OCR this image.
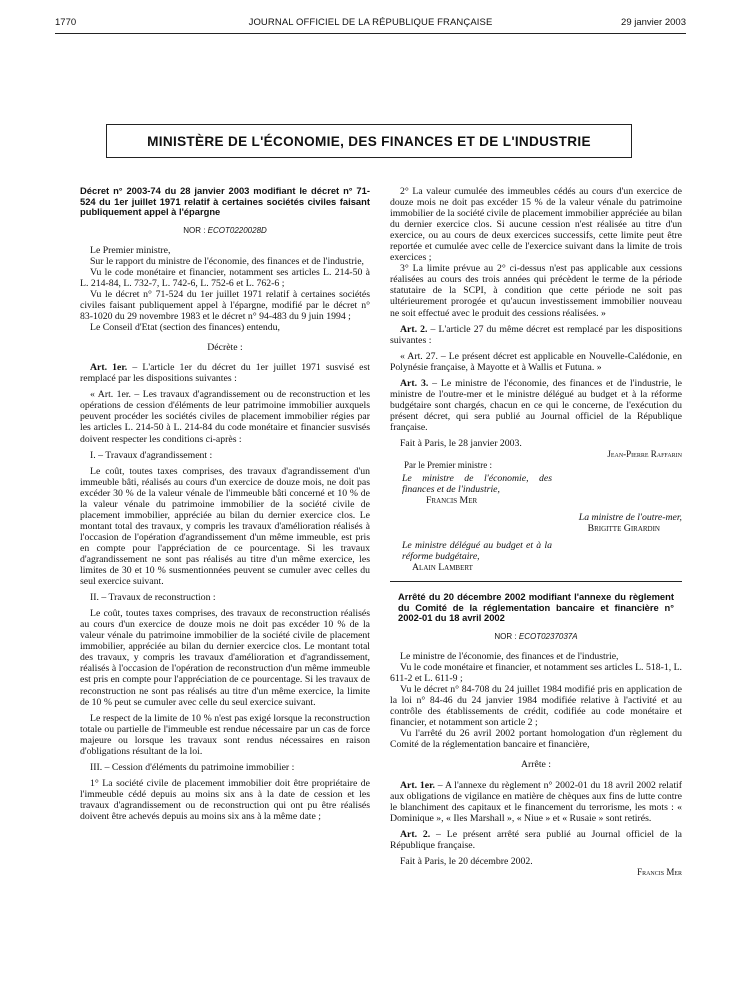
1770	JOURNAL OFFICIEL DE LA RÉPUBLIQUE FRANÇAISE	29 janvier 2003
MINISTÈRE DE L'ÉCONOMIE, DES FINANCES ET DE L'INDUSTRIE

Décret n° 2003-74 du 28 janvier 2003 modifiant le décret n° 71-524 du 1er juillet 1971 relatif à certaines sociétés civiles faisant publiquement appel à l'épargne

NOR : ECOT0220028D

Le Premier ministre,

Sur le rapport du ministre de l'économie, des finances et de l'industrie,

Vu le code monétaire et financier, notamment ses articles L. 214-50 à L. 214-84, L. 732-7, L. 742-6, L. 752-6 et L. 762-6 ;

Vu le décret n° 71-524 du 1er juillet 1971 relatif à certaines sociétés civiles faisant publiquement appel à l'épargne, modifié par le décret n° 83-1020 du 29 novembre 1983 et le décret n° 94-483 du 9 juin 1994 ;

Le Conseil d'Etat (section des finances) entendu,

Décrète :

Art. 1er. – L'article 1er du décret du 1er juillet 1971 susvisé est remplacé par les dispositions suivantes :

« Art. 1er. – Les travaux d'agrandissement ou de reconstruction et les opérations de cession d'éléments de leur patrimoine immobilier auxquels peuvent procéder les sociétés civiles de placement immobilier régies par les articles L. 214-50 à L. 214-84 du code monétaire et financier susvisés doivent respecter les conditions ci-après :

I. – Travaux d'agrandissement :

Le coût, toutes taxes comprises, des travaux d'agrandissement d'un immeuble bâti, réalisés au cours d'un exercice de douze mois, ne doit pas excéder 30 % de la valeur vénale de l'immeuble bâti concerné et 10 % de la valeur vénale du patrimoine immobilier de la société civile de placement immobilier, appréciée au bilan du dernier exercice clos. Le montant total des travaux, y compris les travaux d'amélioration réalisés à l'occasion de l'opération d'agrandissement d'un même immeuble, est pris en compte pour l'appréciation de ce pourcentage. Si les travaux d'agrandissement ne sont pas réalisés au titre d'un même exercice, les limites de 30 et 10 % susmentionnées peuvent se cumuler avec celles du seul exercice suivant.

II. – Travaux de reconstruction :

Le coût, toutes taxes comprises, des travaux de reconstruction réalisés au cours d'un exercice de douze mois ne doit pas excéder 10 % de la valeur vénale du patrimoine immobilier de la société civile de placement immobilier, appréciée au bilan du dernier exercice clos. Le montant total des travaux, y compris les travaux d'amélioration et d'agrandissement, réalisés à l'occasion de l'opération de reconstruction d'un même immeuble est pris en compte pour l'appréciation de ce pourcentage. Si les travaux de reconstruction ne sont pas réalisés au titre d'un même exercice, la limite de 10 % peut se cumuler avec celle du seul exercice suivant.

Le respect de la limite de 10 % n'est pas exigé lorsque la reconstruction totale ou partielle de l'immeuble est rendue nécessaire par un cas de force majeure ou lorsque les travaux sont rendus nécessaires en raison d'obligations résultant de la loi.

III. – Cession d'éléments du patrimoine immobilier :

1° La société civile de placement immobilier doit être propriétaire de l'immeuble cédé depuis au moins six ans à la date de cession et les travaux d'agrandissement ou de reconstruction qui ont pu être réalisés doivent être achevés depuis au moins six ans à la même date ;

2° La valeur cumulée des immeubles cédés au cours d'un exercice de douze mois ne doit pas excéder 15 % de la valeur vénale du patrimoine immobilier de la société civile de placement immobilier appréciée au bilan du dernier exercice clos. Si aucune cession n'est réalisée au titre d'un exercice, ou au cours de deux exercices successifs, cette limite peut être reportée et cumulée avec celle de l'exercice suivant dans la limite de trois exercices ;

3° La limite prévue au 2° ci-dessus n'est pas applicable aux cessions réalisées au cours des trois années qui précèdent le terme de la période statutaire de la SCPI, à condition que cette période ne soit pas ultérieurement prorogée et qu'aucun investissement immobilier nouveau ne soit effectué avec le produit des cessions réalisées. »

Art. 2. – L'article 27 du même décret est remplacé par les dispositions suivantes :

« Art. 27. – Le présent décret est applicable en Nouvelle-Calédonie, en Polynésie française, à Mayotte et à Wallis et Futuna. »

Art. 3. – Le ministre de l'économie, des finances et de l'industrie, le ministre de l'outre-mer et le ministre délégué au budget et à la réforme budgétaire sont chargés, chacun en ce qui le concerne, de l'exécution du présent décret, qui sera publié au Journal officiel de la République française.

Fait à Paris, le 28 janvier 2003.

Jean-Pierre Raffarin

Par le Premier ministre :

Le ministre de l'économie, des finances et de l'industrie,

Francis Mer

La ministre de l'outre-mer,

Brigitte Girardin

Le ministre délégué au budget et à la réforme budgétaire,

Alain Lambert

Arrêté du 20 décembre 2002 modifiant l'annexe du règlement du Comité de la réglementation bancaire et financière n° 2002-01 du 18 avril 2002

NOR : ECOT0237037A

Le ministre de l'économie, des finances et de l'industrie,

Vu le code monétaire et financier, et notamment ses articles L. 518-1, L. 611-2 et L. 611-9 ;

Vu le décret n° 84-708 du 24 juillet 1984 modifié pris en application de la loi n° 84-46 du 24 janvier 1984 modifiée relative à l'activité et au contrôle des établissements de crédit, codifiée au code monétaire et financier, et notamment son article 2 ;

Vu l'arrêté du 26 avril 2002 portant homologation d'un règlement du Comité de la réglementation bancaire et financière,

Arrête :

Art. 1er. – A l'annexe du règlement n° 2002-01 du 18 avril 2002 relatif aux obligations de vigilance en matière de chèques aux fins de lutte contre le blanchiment des capitaux et le financement du terrorisme, les mots : « Dominique », « Iles Marshall », « Niue » et « Rusaie » sont retirés.

Art. 2. – Le présent arrêté sera publié au Journal officiel de la République française.

Fait à Paris, le 20 décembre 2002.

Francis Mer
